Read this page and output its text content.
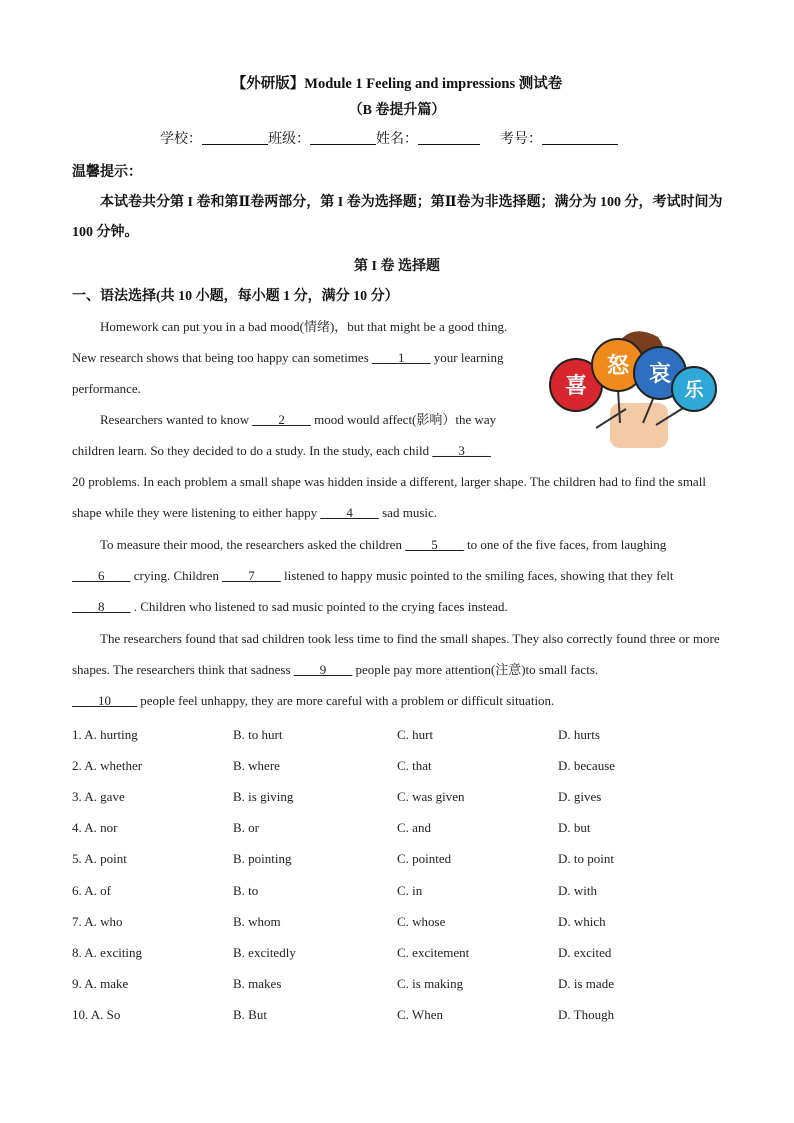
【外研版】Module 1 Feeling and impressions 测试卷
（B 卷提升篇）
学校：	班级：	姓名：	考号：
温馨提示：
本试卷共分第 I 卷和第Ⅱ卷两部分，第 I 卷为选择题；第Ⅱ卷为非选择题；满分为 100 分，考试时间为 100 分钟。
第 I 卷 选择题
一、语法选择(共 10 小题，每小题 1 分，满分 10 分）

Homework can put you in a bad mood(情绪)，but that might be a good thing. New research shows that being too happy can sometimes ____1____ your learning performance.

Researchers wanted to know ____2____ mood would affect(影响）the way children learn. So they decided to do a study. In the study, each child ____3____

20 problems. In each problem a small shape was hidden inside a different, larger shape. The children had to find the small shape while they were listening to either happy ____4____ sad music.

To measure their mood, the researchers asked the children ____5____ to one of the five faces, from laughing ____6____ crying. Children ____7____ listened to happy music pointed to the smiling faces, showing that they felt ____8____ . Children who listened to sad music pointed to the crying faces instead.

The researchers found that sad children took less time to find the small shapes. They also correctly found three or more shapes. The researchers think that sadness ____9____ people pay more attention(注意)to small facts.

____10____ people feel unhappy, they are more careful with a problem or difficult situation.
喜
怒 哀
乐
1. A. hurting	B. to hurt	C. hurt	D. hurts
2. A. whether	B. where	C. that	D. because
3. A. gave	B. is giving	C. was given	D. gives
4. A. nor	B. or	C. and	D. but
5. A. point	B. pointing	C. pointed	D. to point
6. A. of	B. to	C. in	D. with
7. A. who	B. whom	C. whose	D. which
8. A. exciting	B. excitedly	C. excitement	D. excited
9. A. make	B. makes	C. is making	D. is made
10. A. So	B. But	C. When	D. Though
